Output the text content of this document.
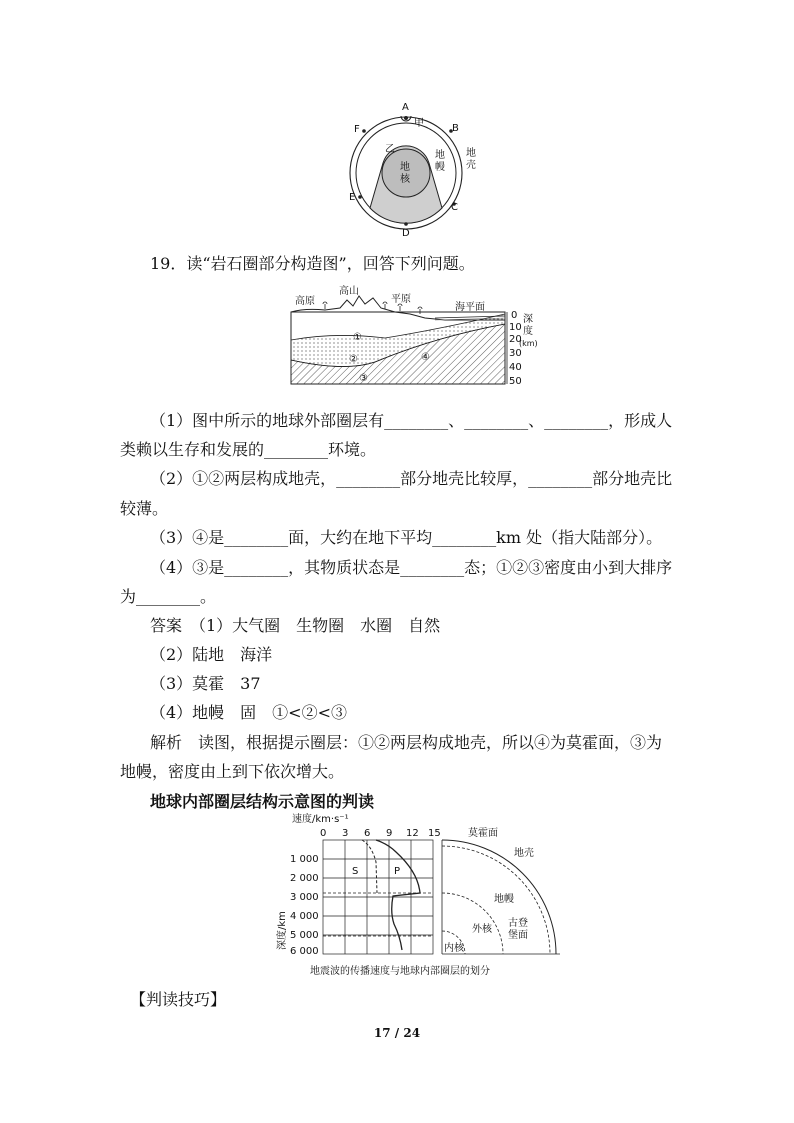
A
B
C
D
E
F
甲
乙
地
核
地
幔
地
壳
19．读“岩石圈部分构造图”，回答下列问题。
高原
高山
平原
海平面
0
10
20
30
40
50
深
度
(km)
①
②
③
④
（1）图中所示的地球外部圈层有________、________、________，形成人
类赖以生存和发展的________环境。
（2）①②两层构成地壳，________部分地壳比较厚，________部分地壳比
较薄。
（3）④是________面，大约在地下平均________km 处（指大陆部分）。
（4）③是________，其物质状态是________态；①②③密度由小到大排序
为________。
答案　（1）大气圈　生物圈　水圈　自然
（2）陆地　海洋
（3）莫霍　37
（4）地幔　固　①<②<③
解析　读图，根据提示圈层：①②两层构成地壳，所以④为莫霍面，③为
地幔，密度由上到下依次增大。
地球内部圈层结构示意图的判读
速度/km·s⁻¹
0 3 6 9 12 15
S	P
1 000
2 000
3 000
4 000
5 000
6 000
深度/km
莫霍面
地壳
地幔
古登
堡面
外核
内核
地震波的传播速度与地球内部圈层的划分
【判读技巧】
17 / 24
